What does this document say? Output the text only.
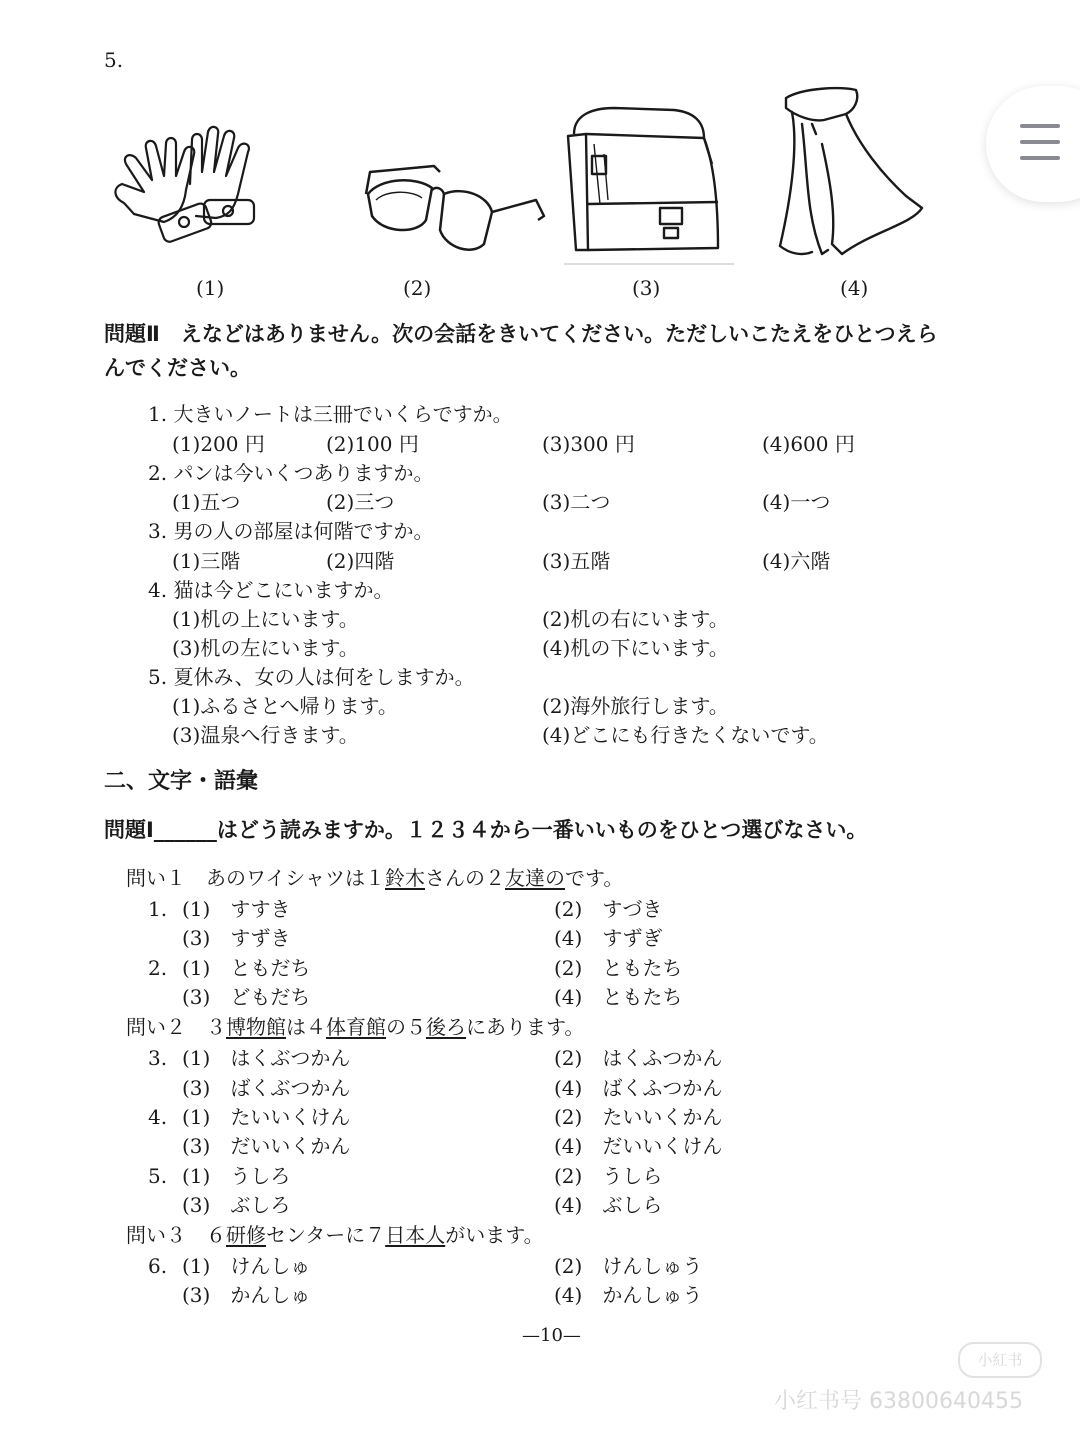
5.
(1)	(2)	(3)	(4)
問題Ⅱ　えなどはありません。次の会話をきいてください。ただしいこたえをひとつえら
んでください。
1. 大きいノートは三冊でいくらですか。
(1)200 円	(2)100 円	(3)300 円	(4)600 円
2. パンは今いくつありますか。
(1)五つ	(2)三つ	(3)二つ	(4)一つ
3. 男の人の部屋は何階ですか。
(1)三階	(2)四階	(3)五階	(4)六階
4. 猫は今どこにいますか。
(1)机の上にいます。	(2)机の右にいます。
(3)机の左にいます。	(4)机の下にいます。
5. 夏休み、女の人は何をしますか。
(1)ふるさとへ帰ります。	(2)海外旅行します。
(3)温泉へ行きます。	(4)どこにも行きたくないです。
二、文字・語彙
問題Ⅰ______はどう読みますか。１２３４から一番いいものをひとつ選びなさい。
問い１　あのワイシャツは１鈴木さんの２友達のです。
1. (1)　すすき	(2)　すづき
(3)　すずき	(4)　すずぎ
2. (1)　ともだち	(2)　ともたち
(3)　どもだち	(4)　ともたち
問い２　３博物館は４体育館の５後ろにあります。
3. (1)　はくぶつかん	(2)　はくふつかん
(3)　ばくぶつかん	(4)　ばくふつかん
4. (1)　たいいくけん	(2)　たいいくかん
(3)　だいいくかん	(4)　だいいくけん
5. (1)　うしろ	(2)　うしら
(3)　ぶしろ	(4)　ぶしら
問い３　６研修センターに７日本人がいます。
6. (1)　けんしゅ	(2)　けんしゅう
(3)　かんしゅ	(4)　かんしゅう
—10—
小紅书
小红书号 63800640455
